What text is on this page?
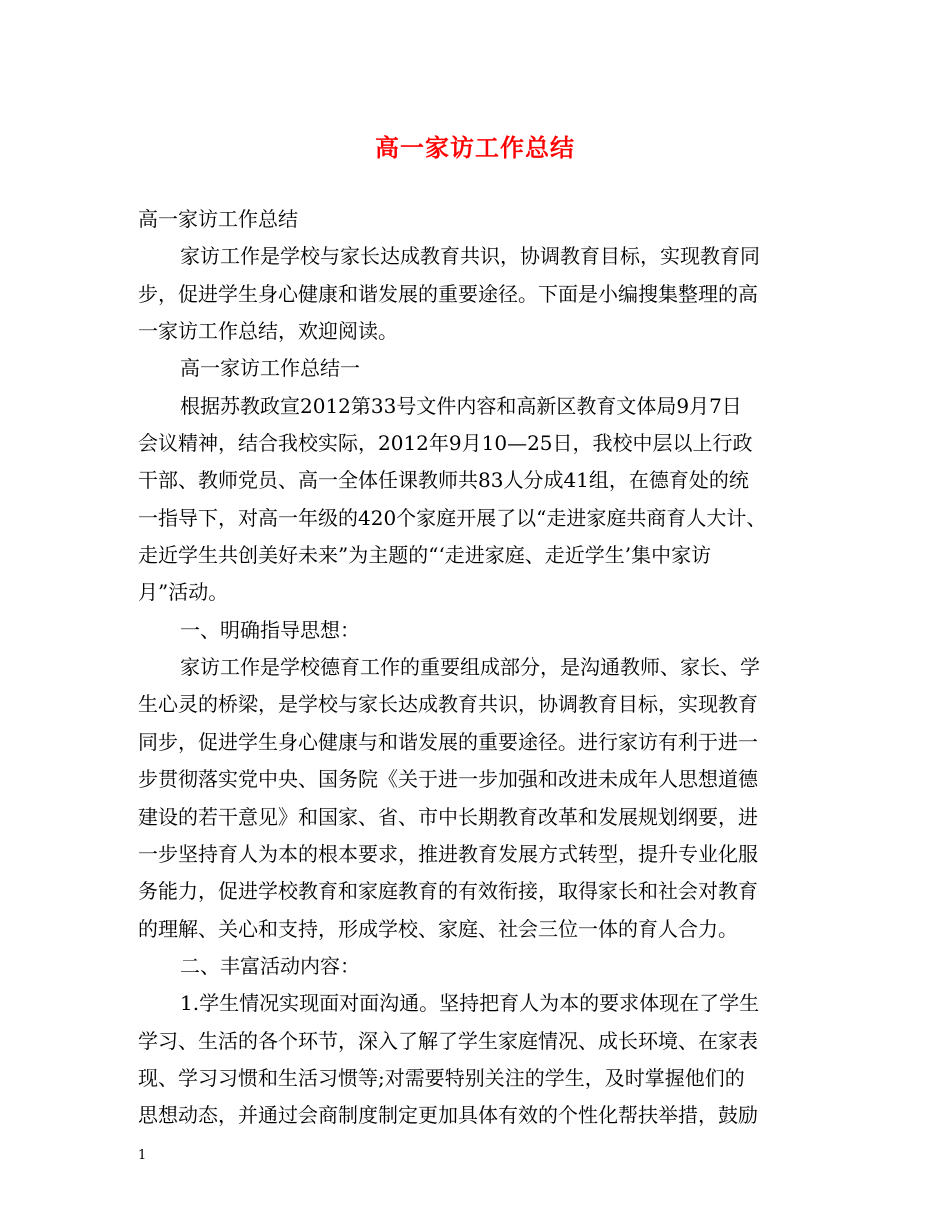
高一家访工作总结
高一家访工作总结
家访工作是学校与家长达成教育共识，协调教育目标，实现教育同
步，促进学生身心健康和谐发展的重要途径。下面是小编搜集整理的高
一家访工作总结，欢迎阅读。
高一家访工作总结一
根据苏教政宣2012第33号文件内容和高新区教育文体局9月7日
会议精神，结合我校实际，2012年9月10—25日，我校中层以上行政
干部、教师党员、高一全体任课教师共83人分成41组，在德育处的统
一指导下，对高一年级的420个家庭开展了以“走进家庭共商育人大计、
走近学生共创美好未来”为主题的“‘走进家庭、走近学生’集中家访
月”活动。
一、明确指导思想：
家访工作是学校德育工作的重要组成部分，是沟通教师、家长、学
生心灵的桥梁，是学校与家长达成教育共识，协调教育目标，实现教育
同步，促进学生身心健康与和谐发展的重要途径。进行家访有利于进一
步贯彻落实党中央、国务院《关于进一步加强和改进未成年人思想道德
建设的若干意见》和国家、省、市中长期教育改革和发展规划纲要，进
一步坚持育人为本的根本要求，推进教育发展方式转型，提升专业化服
务能力，促进学校教育和家庭教育的有效衔接，取得家长和社会对教育
的理解、关心和支持，形成学校、家庭、社会三位一体的育人合力。
二、丰富活动内容：
1.学生情况实现面对面沟通。坚持把育人为本的要求体现在了学生
学习、生活的各个环节，深入了解了学生家庭情况、成长环境、在家表
现、学习习惯和生活习惯等;对需要特别关注的学生，及时掌握他们的
思想动态，并通过会商制度制定更加具体有效的个性化帮扶举措，鼓励
1
